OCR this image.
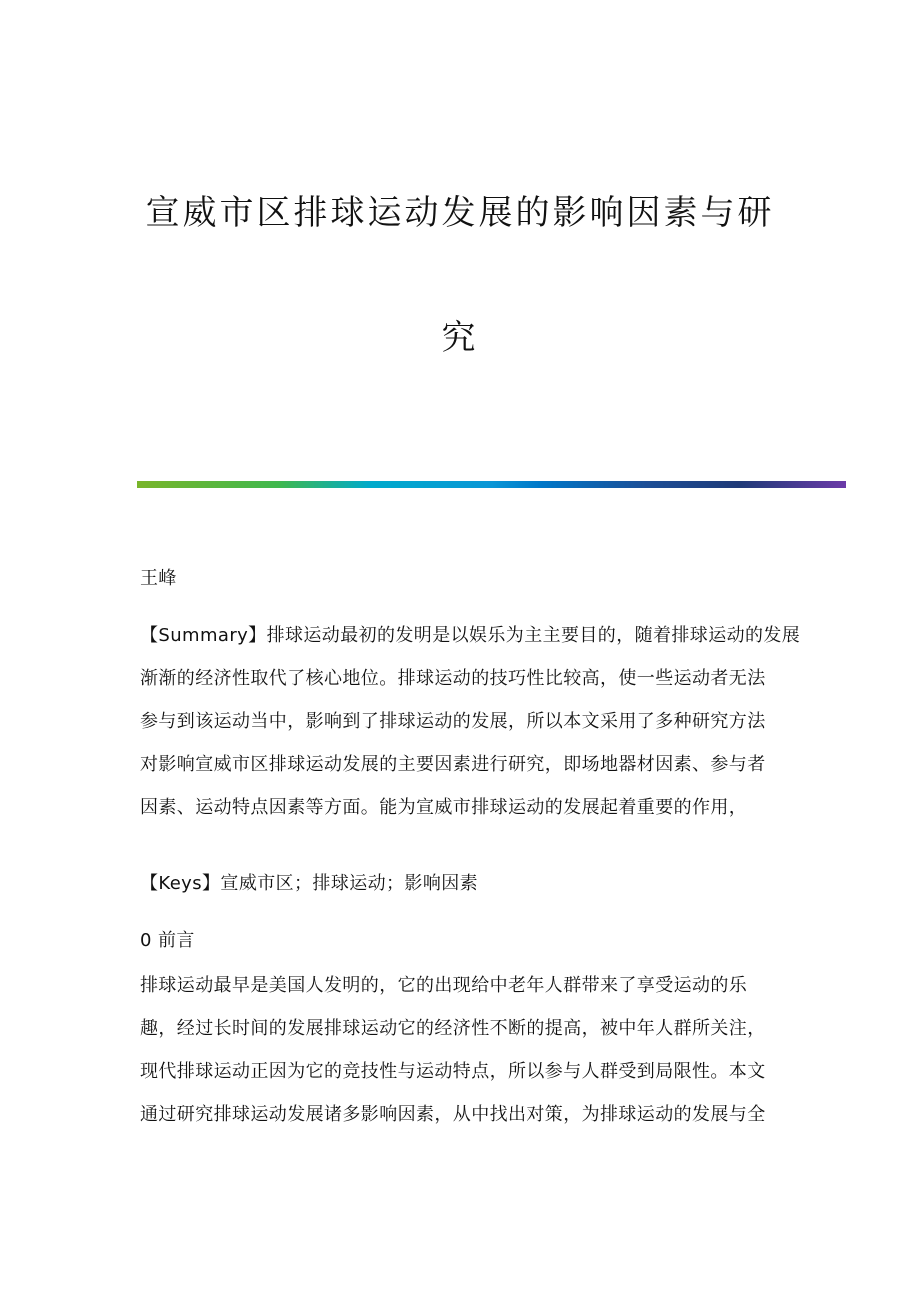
宣威市区排球运动发展的影响因素与研
究
王峰
【Summary】排球运动最初的发明是以娱乐为主主要目的，随着排球运动的发展
渐渐的经济性取代了核心地位。排球运动的技巧性比较高，使一些运动者无法
参与到该运动当中，影响到了排球运动的发展，所以本文采用了多种研究方法
对影响宣威市区排球运动发展的主要因素进行研究，即场地器材因素、参与者
因素、运动特点因素等方面。能为宣威市排球运动的发展起着重要的作用，
【Keys】宣威市区；排球运动；影响因素
0 前言
排球运动最早是美国人发明的，它的出现给中老年人群带来了享受运动的乐
趣，经过长时间的发展排球运动它的经济性不断的提高，被中年人群所关注，
现代排球运动正因为它的竞技性与运动特点，所以参与人群受到局限性。本文
通过研究排球运动发展诸多影响因素，从中找出对策，为排球运动的发展与全
